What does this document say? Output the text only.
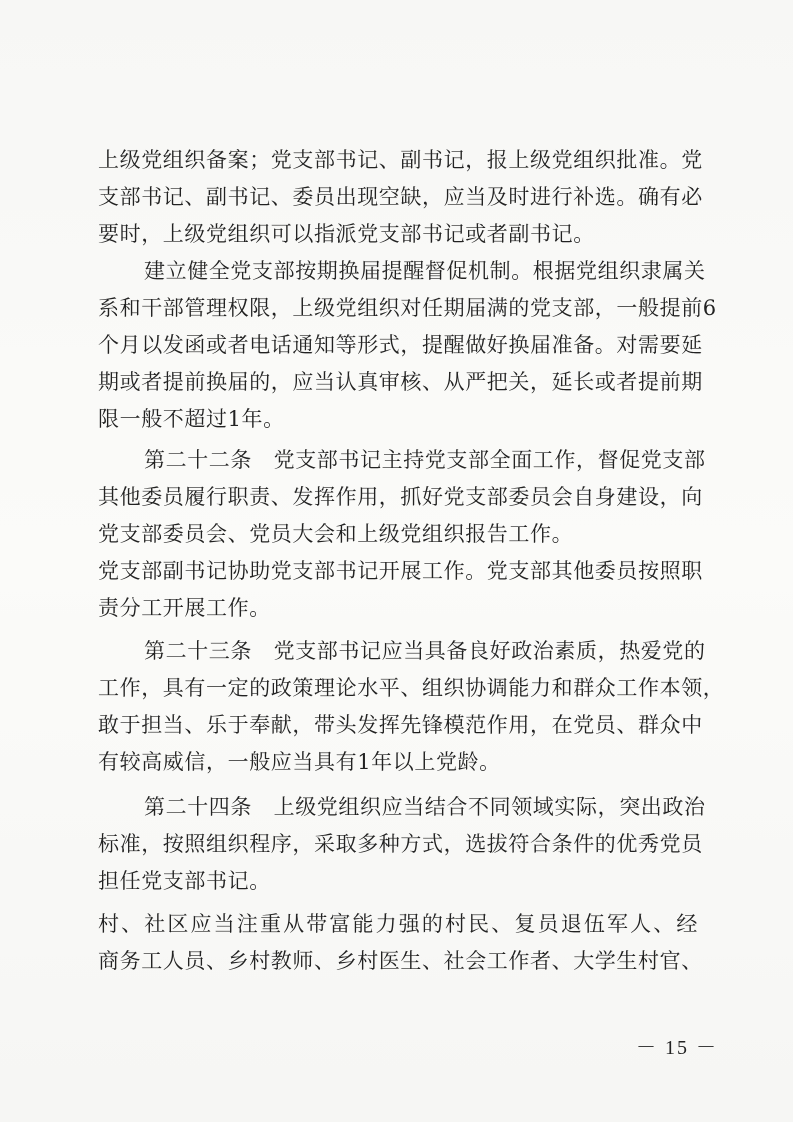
上级党组织备案；党支部书记、副书记，报上级党组织批准。党
支部书记、副书记、委员出现空缺，应当及时进行补选。确有必
要时，上级党组织可以指派党支部书记或者副书记。
建立健全党支部按期换届提醒督促机制。根据党组织隶属关
系和干部管理权限，上级党组织对任期届满的党支部，一般提前6
个月以发函或者电话通知等形式，提醒做好换届准备。对需要延
期或者提前换届的，应当认真审核、从严把关，延长或者提前期
限一般不超过1年。
第二十二条　党支部书记主持党支部全面工作，督促党支部
其他委员履行职责、发挥作用，抓好党支部委员会自身建设，向
党支部委员会、党员大会和上级党组织报告工作。
党支部副书记协助党支部书记开展工作。党支部其他委员按照职
责分工开展工作。
第二十三条　党支部书记应当具备良好政治素质，热爱党的
工作，具有一定的政策理论水平、组织协调能力和群众工作本领，
敢于担当、乐于奉献，带头发挥先锋模范作用，在党员、群众中
有较高威信，一般应当具有1年以上党龄。
第二十四条　上级党组织应当结合不同领域实际，突出政治
标准，按照组织程序，采取多种方式，选拔符合条件的优秀党员
担任党支部书记。
村、社区应当注重从带富能力强的村民、复员退伍军人、经
商务工人员、乡村教师、乡村医生、社会工作者、大学生村官、
－ 15 －
